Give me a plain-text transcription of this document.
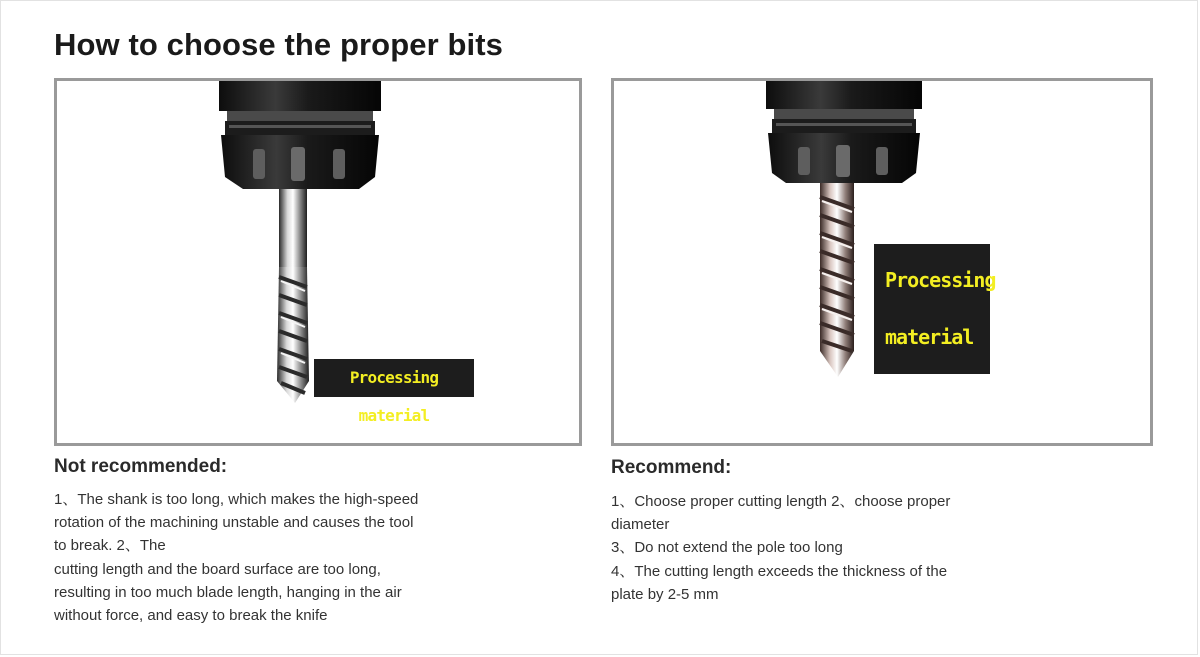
How to choose the proper bits
Processing material
Not recommended:
1、The shank is too long, which makes the high-speed
rotation of the machining unstable and causes the tool
to break. 2、The
cutting length and the board surface are too long,
resulting in too much blade length, hanging in the air
without force, and easy to break the knife
Processing
material
Recommend:
1、Choose proper cutting length 2、choose proper
diameter
3、Do not extend the pole too long
4、The cutting length exceeds the thickness of the
plate by 2-5 mm
